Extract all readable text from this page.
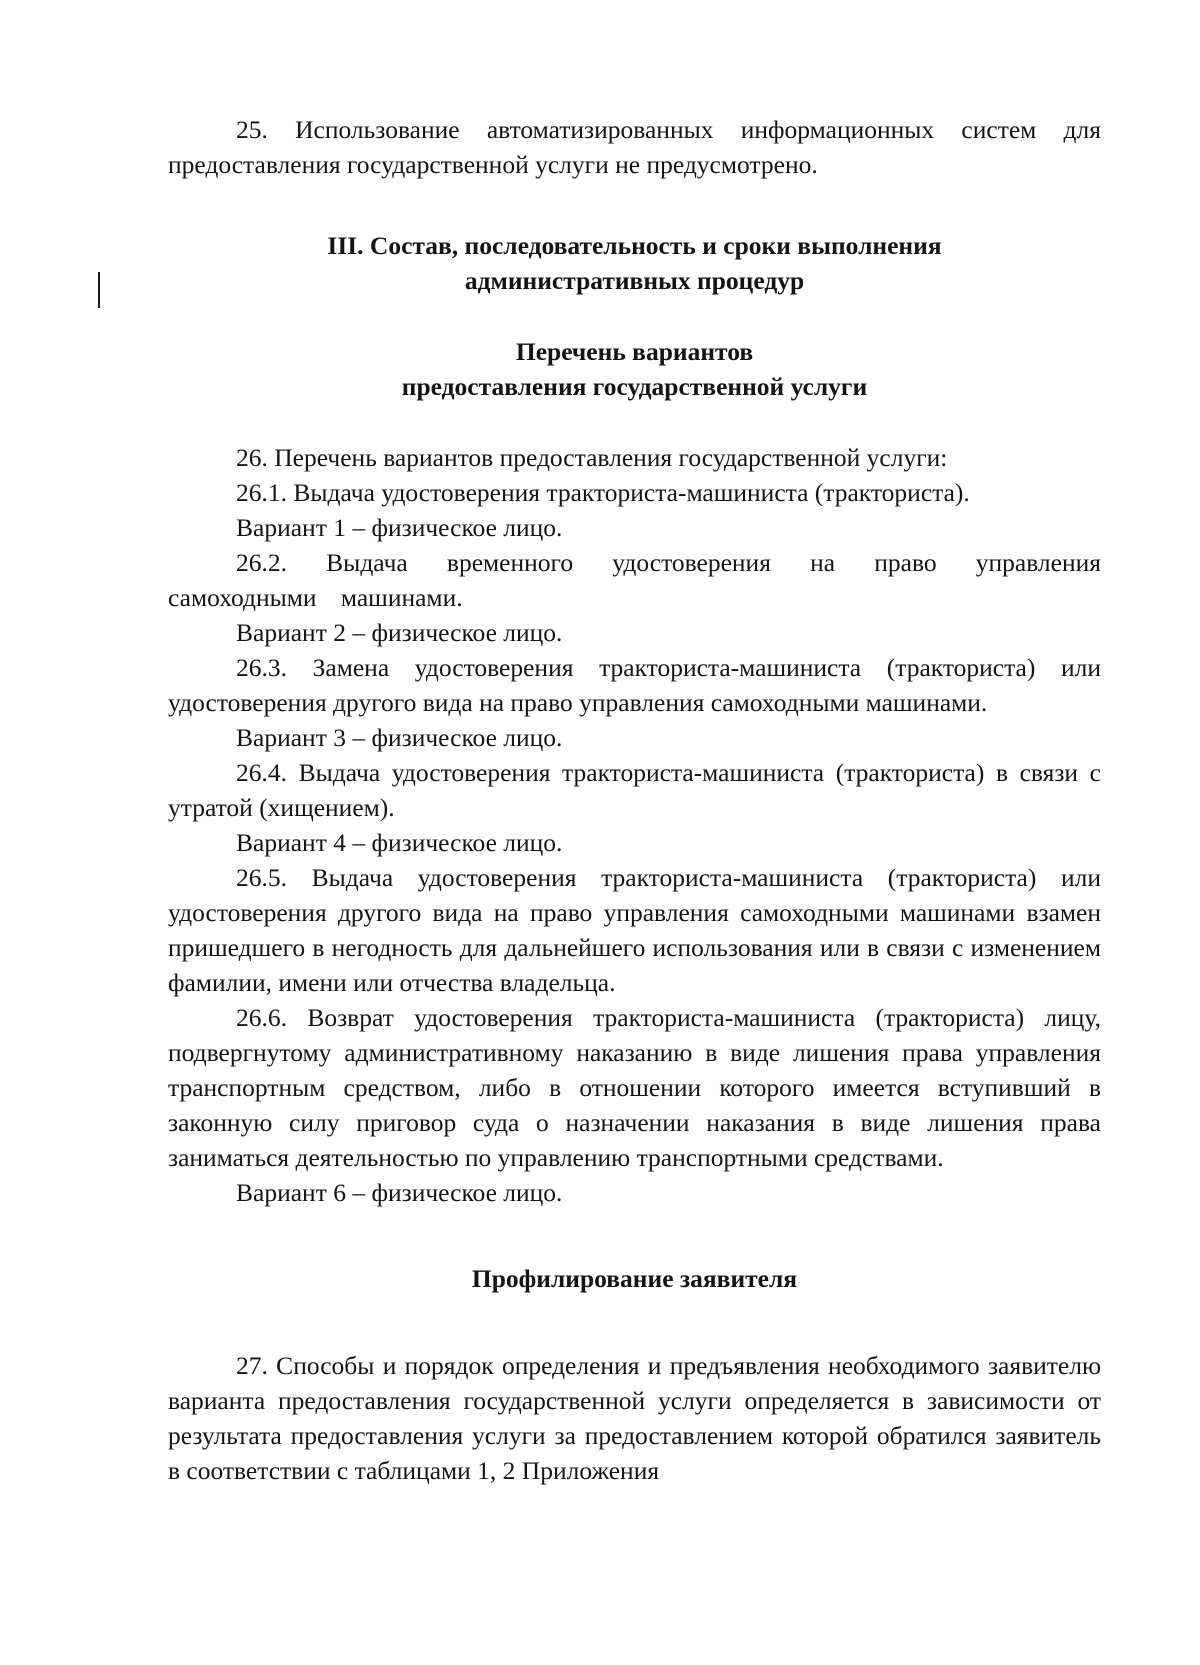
25. Использование автоматизированных информационных систем для предоставления государственной услуги не предусмотрено.

III. Состав, последовательность и сроки выполнения
административных процедур
Перечень вариантов
предоставления государственной услуги

26. Перечень вариантов предоставления государственной услуги:

26.1. Выдача удостоверения тракториста-машиниста (тракториста).

Вариант 1 – физическое лицо.

26.2. Выдача временного удостоверения на право управления самоходными машинами.

Вариант 2 – физическое лицо.

26.3. Замена удостоверения тракториста-машиниста (тракториста) или удостоверения другого вида на право управления самоходными машинами.

Вариант 3 – физическое лицо.

26.4. Выдача удостоверения тракториста-машиниста (тракториста) в связи с утратой (хищением).

Вариант 4 – физическое лицо.

26.5. Выдача удостоверения тракториста-машиниста (тракториста) или удостоверения другого вида на право управления самоходными машинами взамен пришедшего в негодность для дальнейшего использования или в связи с изменением фамилии, имени или отчества владельца.

26.6. Возврат удостоверения тракториста-машиниста (тракториста) лицу, подвергнутому административному наказанию в виде лишения права управления транспортным средством, либо в отношении которого имеется вступивший в законную силу приговор суда о назначении наказания в виде лишения права заниматься деятельностью по управлению транспортными средствами.

Вариант 6 – физическое лицо.

Профилирование заявителя

27. Способы и порядок определения и предъявления необходимого заявителю варианта предоставления государственной услуги определяется в зависимости от результата предоставления услуги за предоставлением которой обратился заявитель в соответствии с таблицами 1, 2 Приложения
